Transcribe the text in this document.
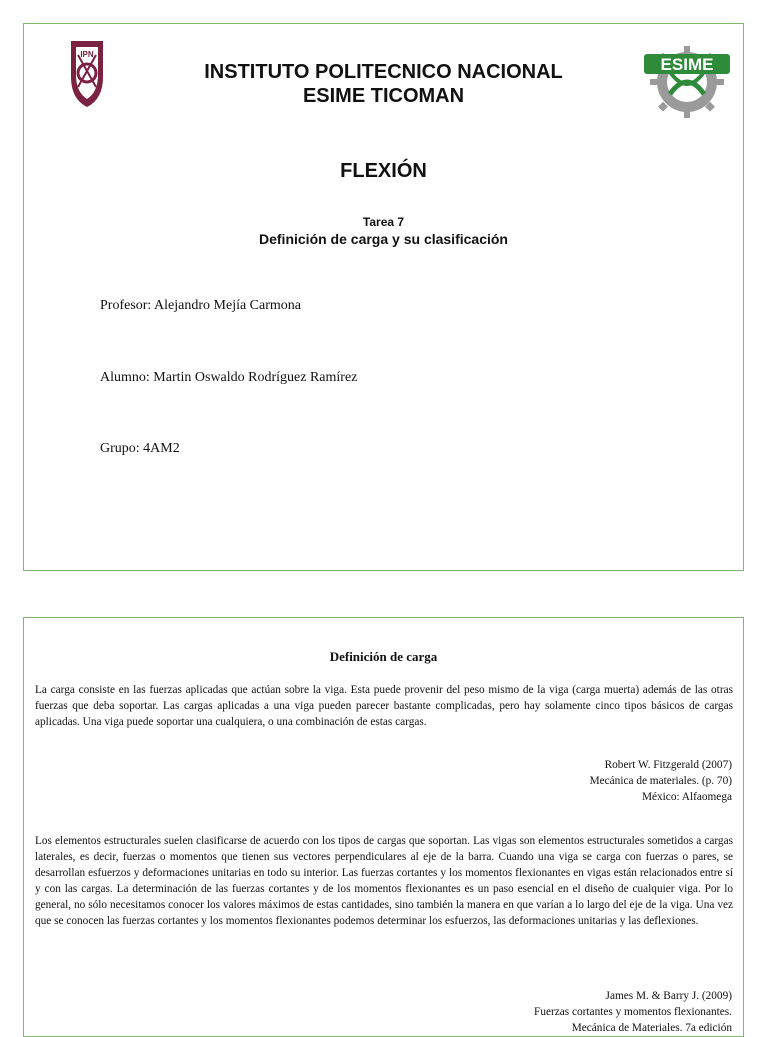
IPN
ESIME
INSTITUTO POLITECNICO NACIONAL
ESIME TICOMAN
FLEXIÓN
Tarea 7
Definición de carga y su clasificación
Profesor: Alejandro Mejía Carmona
Alumno: Martin Oswaldo Rodríguez Ramírez
Grupo: 4AM2
Definición de carga
La carga consiste en las fuerzas aplicadas que actúan sobre la viga. Esta puede provenir del peso mismo de la viga (carga muerta) además de las otras fuerzas que deba soportar. Las cargas aplicadas a una viga pueden parecer bastante complicadas, pero hay solamente cinco tipos básicos de cargas aplicadas. Una viga puede soportar una cualquiera, o una combinación de estas cargas.
Robert W. Fitzgerald (2007)
Mecánica de materiales. (p. 70)
México: Alfaomega
Los elementos estructurales suelen clasificarse de acuerdo con los tipos de cargas que soportan. Las vigas son elementos estructurales sometidos a cargas laterales, es decir, fuerzas o momentos que tienen sus vectores perpendiculares al eje de la barra. Cuando una viga se carga con fuerzas o pares, se desarrollan esfuerzos y deformaciones unitarias en todo su interior. Las fuerzas cortantes y los momentos flexionantes en vigas están relacionados entre sí y con las cargas. La determinación de las fuerzas cortantes y de los momentos flexionantes es un paso esencial en el diseño de cualquier viga. Por lo general, no sólo necesitamos conocer los valores máximos de estas cantidades, sino también la manera en que varían a lo largo del eje de la viga. Una vez que se conocen las fuerzas cortantes y los momentos flexionantes podemos determinar los esfuerzos, las deformaciones unitarias y las deflexiones.
James M. & Barry J. (2009)
Fuerzas cortantes y momentos flexionantes.
Mecánica de Materiales. 7a edición
